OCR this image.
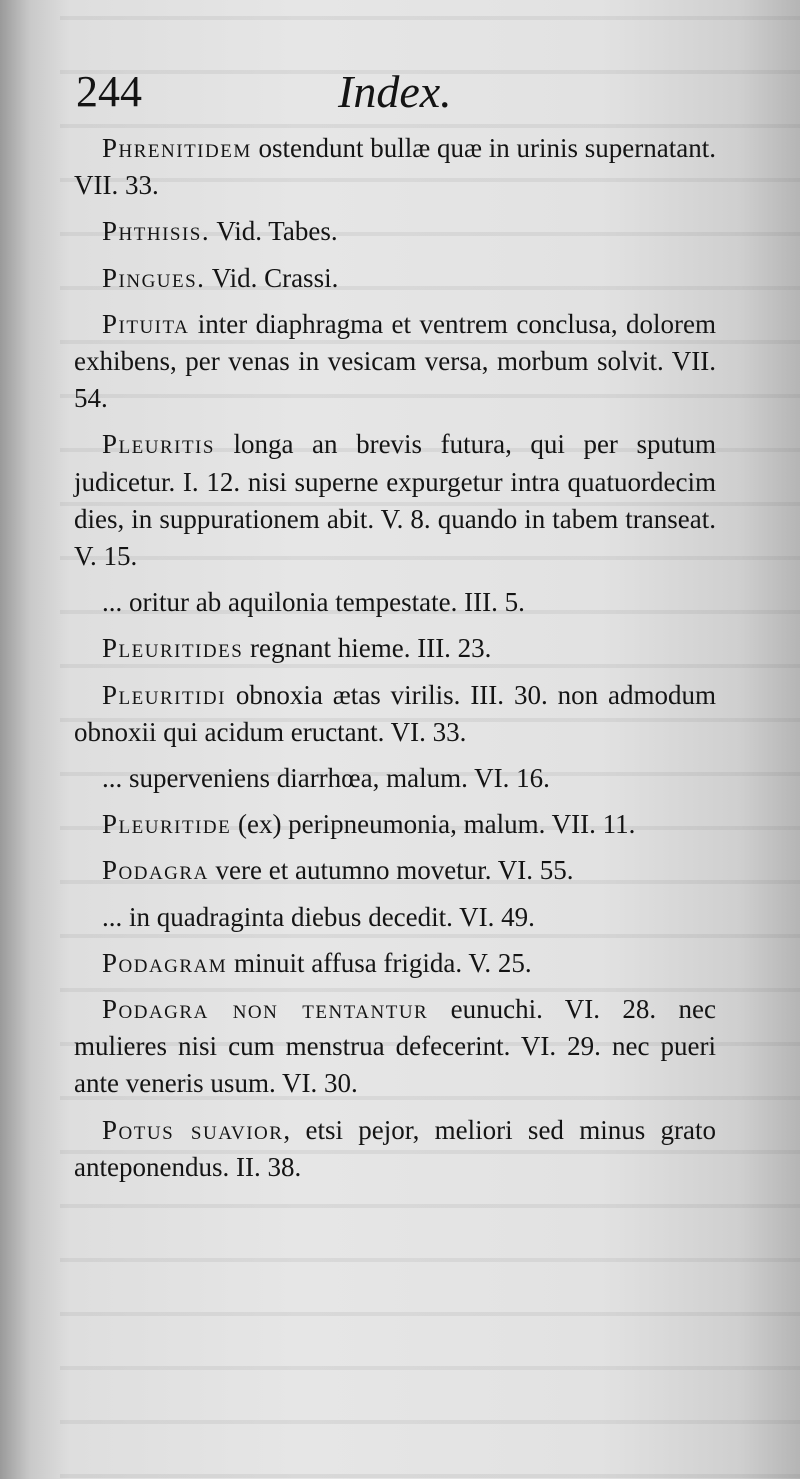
244	Index.

Phrenitidem ostendunt bullæ quæ in urinis supernatant. VII. 33.

Phthisis. Vid. Tabes.

Pingues. Vid. Crassi.

Pituita inter diaphragma et ventrem conclusa, dolorem exhibens, per venas in vesicam versa, morbum solvit. VII. 54.

Pleuritis longa an brevis futura, qui per sputum judicetur. I. 12. nisi superne expurgetur intra quatuordecim dies, in suppurationem abit. V. 8. quando in tabem transeat. V. 15.

... oritur ab aquilonia tempestate. III. 5.

Pleuritides regnant hieme. III. 23.

Pleuritidi obnoxia ætas virilis. III. 30. non admodum obnoxii qui acidum eructant. VI. 33.

... superveniens diarrhœa, malum. VI. 16.

Pleuritide (ex) peripneumonia, malum. VII. 11.

Podagra vere et autumno movetur. VI. 55.

... in quadraginta diebus decedit. VI. 49.

Podagram minuit affusa frigida. V. 25.

Podagra non tentantur eunuchi. VI. 28. nec mulieres nisi cum menstrua defecerint. VI. 29. nec pueri ante veneris usum. VI. 30.

Potus suavior, etsi pejor, meliori sed minus grato anteponendus. II. 38.
